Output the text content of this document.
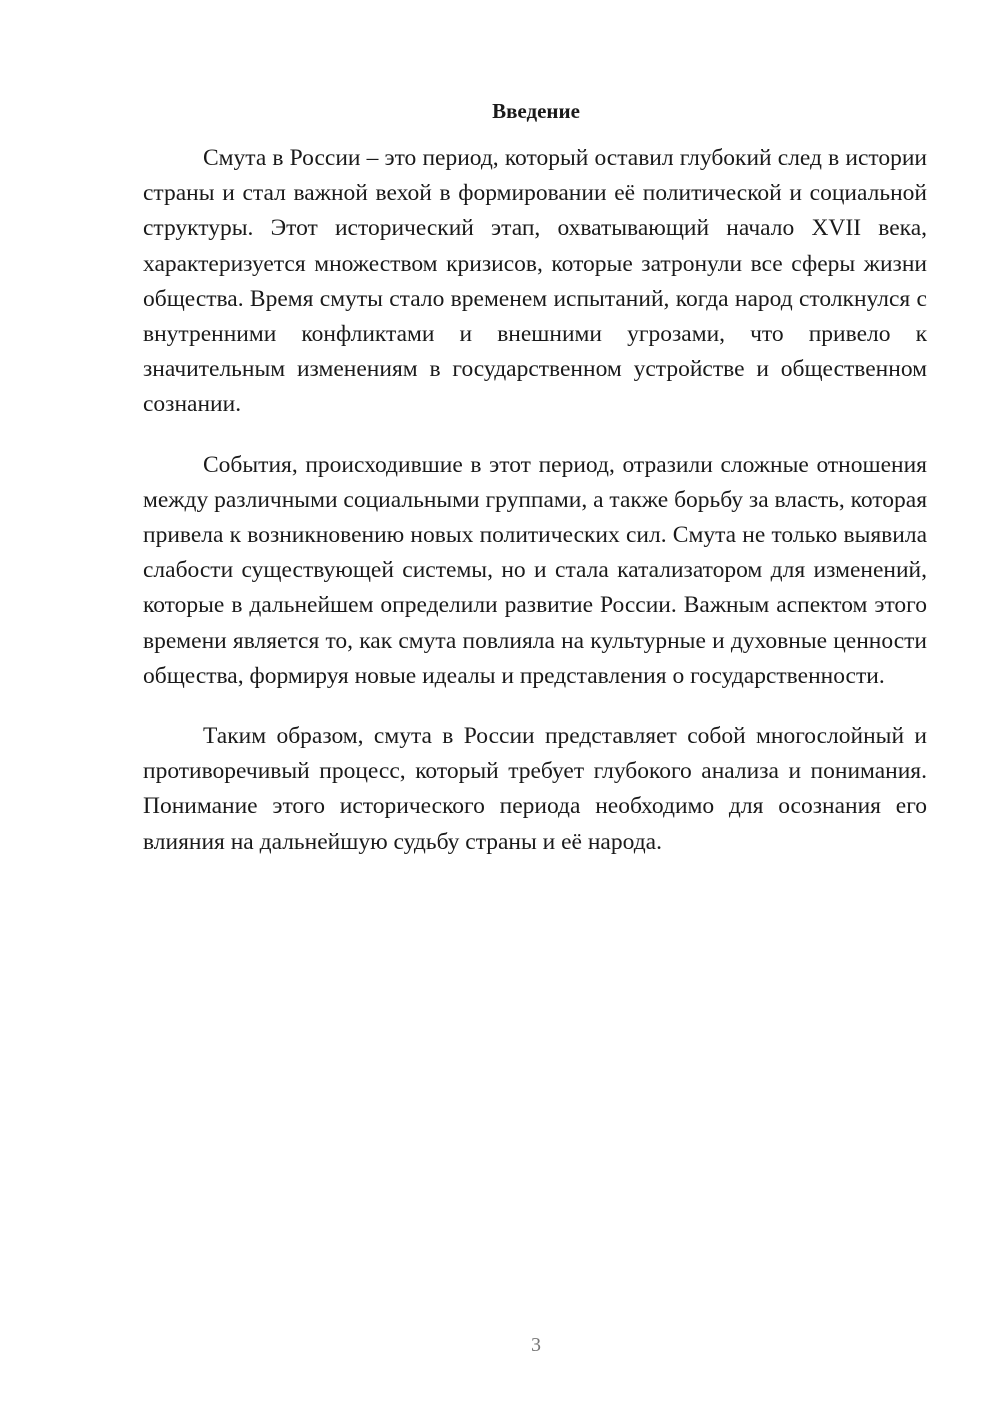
Введение

Смута в России – это период, который оставил глубокий след в истории страны и стал важной вехой в формировании её политической и социальной структуры. Этот исторический этап, охватывающий начало XVII века, характеризуется множеством кризисов, которые затронули все сферы жизни общества. Время смуты стало временем испытаний, когда народ столкнулся с внутренними конфликтами и внешними угрозами, что привело к значительным изменениям в государственном устройстве и общественном сознании.

События, происходившие в этот период, отразили сложные отношения между различными социальными группами, а также борьбу за власть, которая привела к возникновению новых политических сил. Смута не только выявила слабости существующей системы, но и стала катализатором для изменений, которые в дальнейшем определили развитие России. Важным аспектом этого времени является то, как смута повлияла на культурные и духовные ценности общества, формируя новые идеалы и представления о государственности.

Таким образом, смута в России представляет собой многослойный и противоречивый процесс, который требует глубокого анализа и понимания. Понимание этого исторического периода необходимо для осознания его влияния на дальнейшую судьбу страны и её народа.

3
